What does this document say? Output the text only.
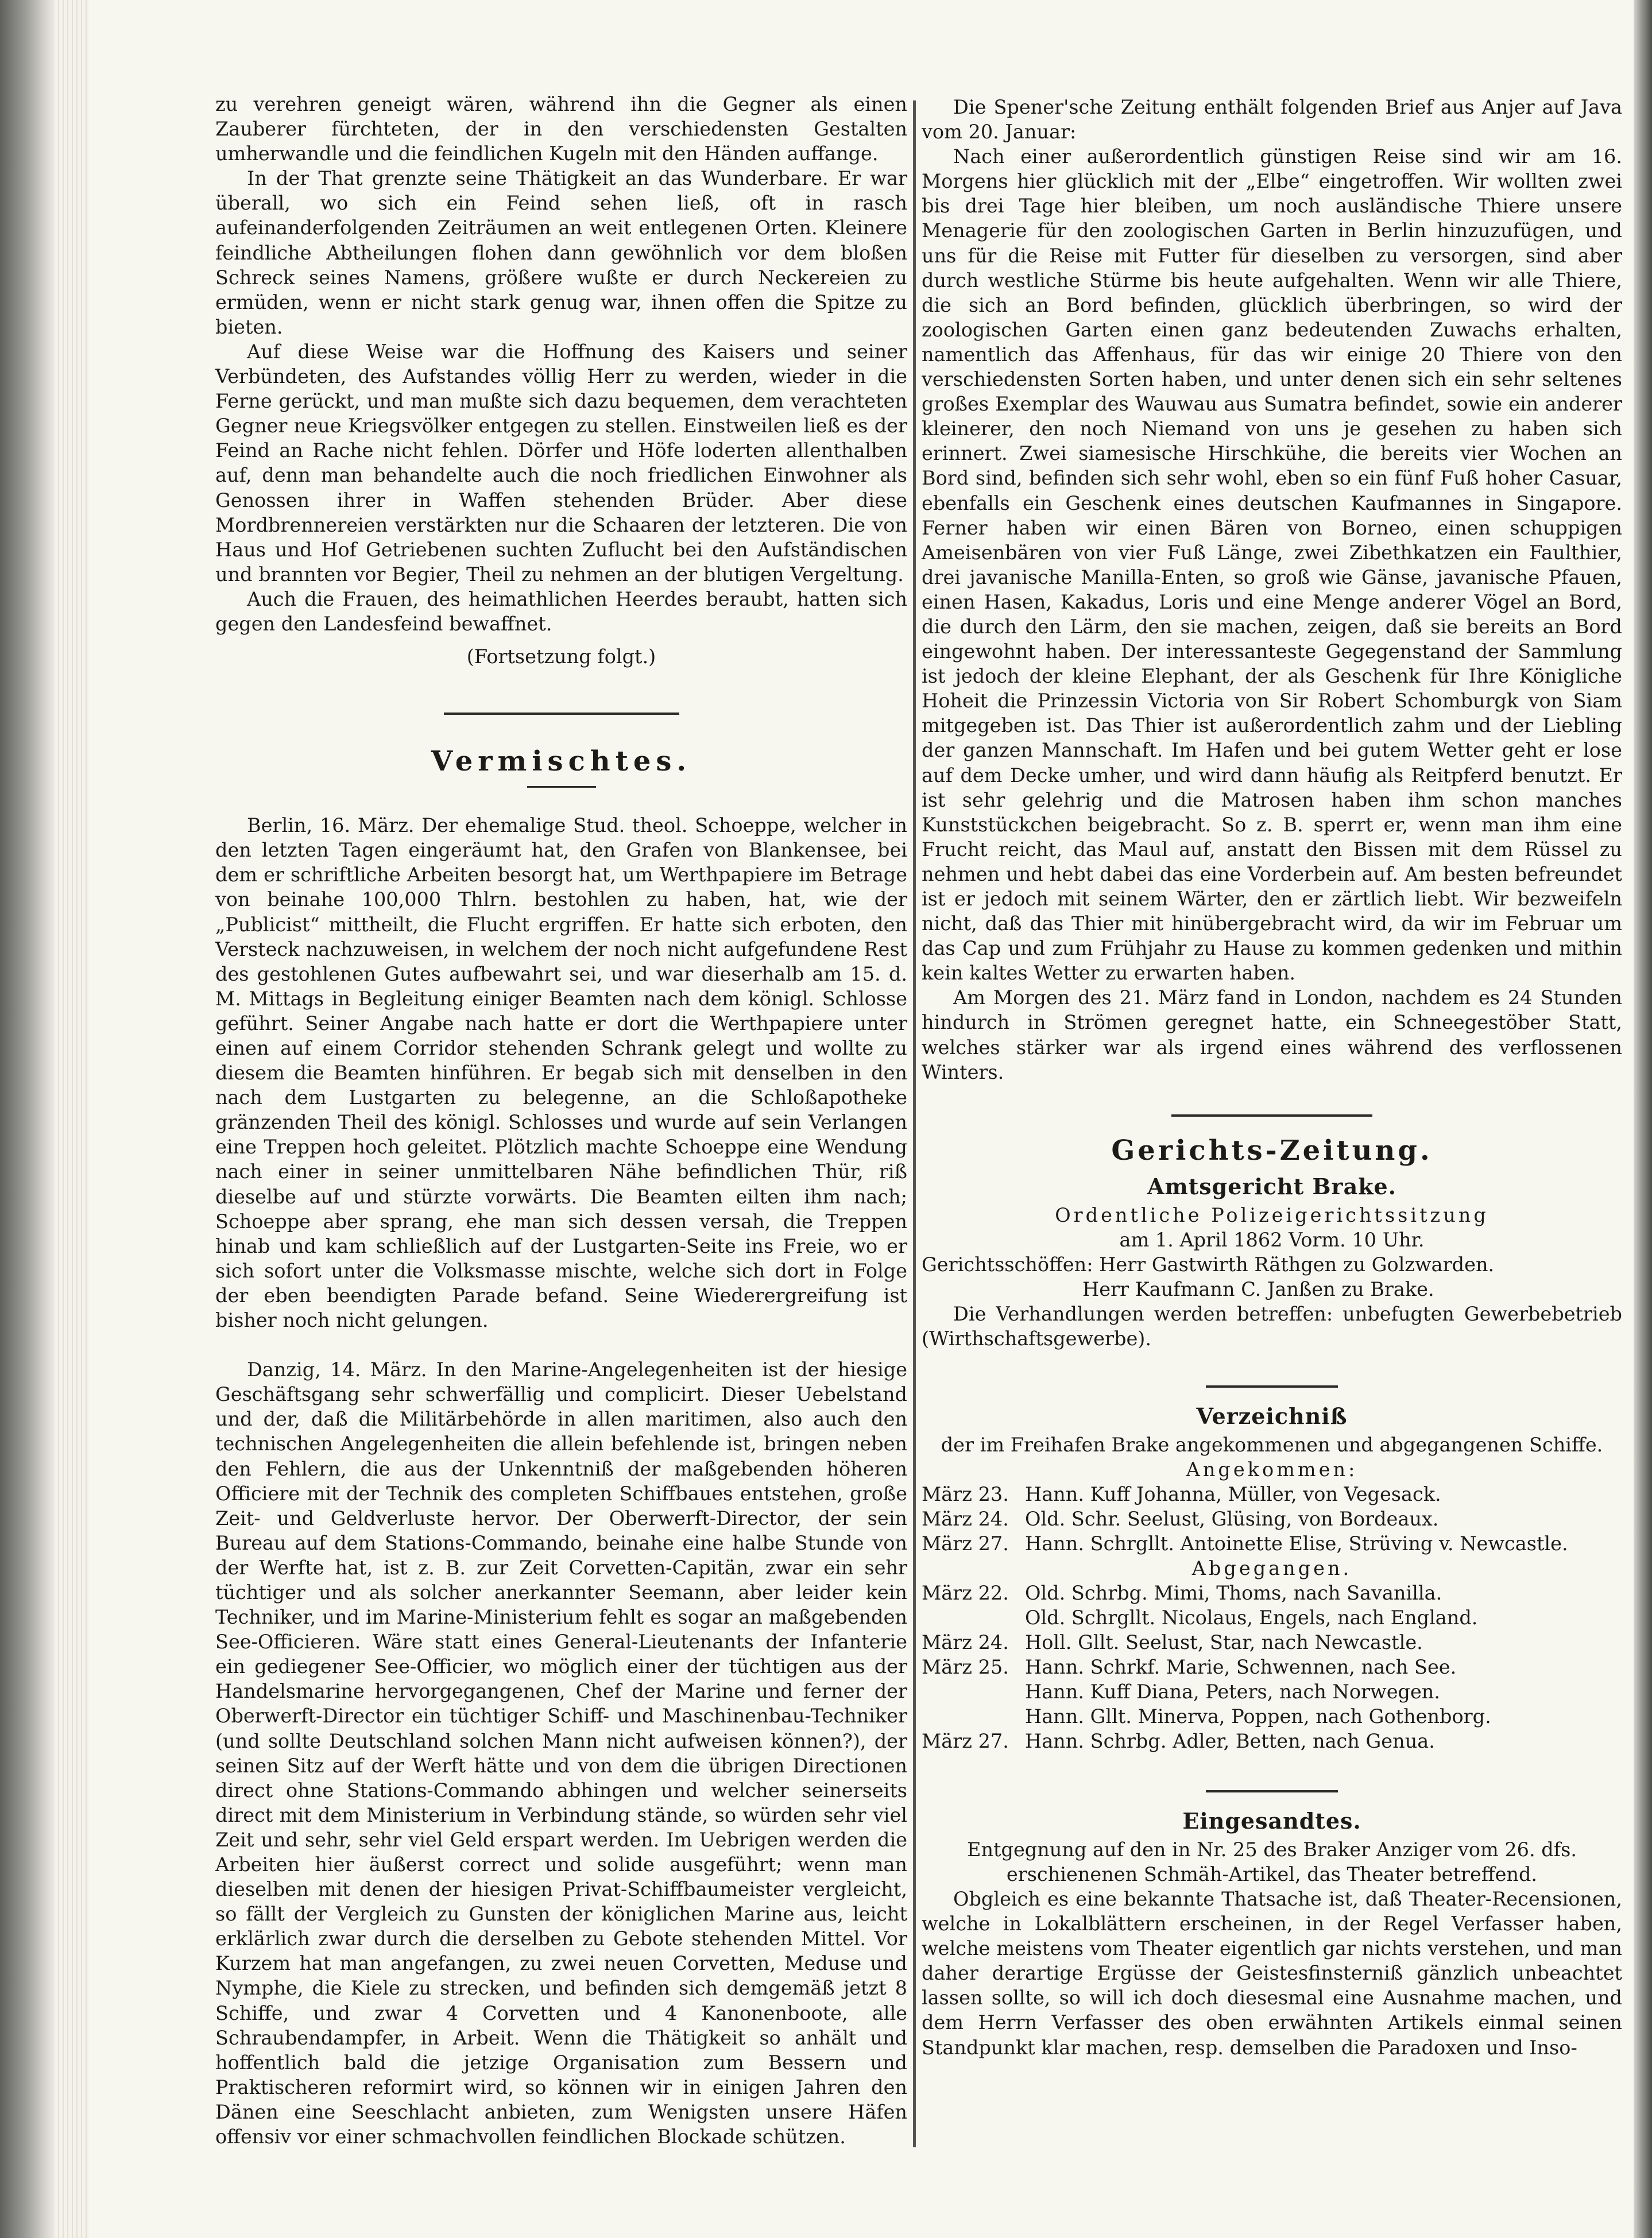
zu verehren geneigt wären, während ihn die Gegner als einen Zauberer fürchteten, der in den verschiedensten Gestalten umherwandle und die feindlichen Kugeln mit den Händen auffange.

In der That grenzte seine Thätigkeit an das Wunderbare. Er war überall, wo sich ein Feind sehen ließ, oft in rasch aufeinanderfolgenden Zeiträumen an weit entlegenen Orten. Kleinere feindliche Abtheilungen flohen dann gewöhnlich vor dem bloßen Schreck seines Namens, größere wußte er durch Neckereien zu ermüden, wenn er nicht stark genug war, ihnen offen die Spitze zu bieten.

Auf diese Weise war die Hoffnung des Kaisers und seiner Verbündeten, des Aufstandes völlig Herr zu werden, wieder in die Ferne gerückt, und man mußte sich dazu bequemen, dem verachteten Gegner neue Kriegsvölker entgegen zu stellen. Einstweilen ließ es der Feind an Rache nicht fehlen. Dörfer und Höfe loderten allenthalben auf, denn man behandelte auch die noch friedlichen Einwohner als Genossen ihrer in Waffen stehenden Brüder. Aber diese Mordbrennereien verstärkten nur die Schaaren der letzteren. Die von Haus und Hof Getriebenen suchten Zuflucht bei den Aufständischen und brannten vor Begier, Theil zu nehmen an der blutigen Vergeltung.

Auch die Frauen, des heimathlichen Heerdes beraubt, hatten sich gegen den Landesfeind bewaffnet.

(Fortsetzung folgt.)

Vermischtes.

Berlin, 16. März. Der ehemalige Stud. theol. Schoeppe, welcher in den letzten Tagen eingeräumt hat, den Grafen von Blankensee, bei dem er schriftliche Arbeiten besorgt hat, um Werthpapiere im Betrage von beinahe 100,000 Thlrn. bestohlen zu haben, hat, wie der „Publicist“ mittheilt, die Flucht ergriffen. Er hatte sich erboten, den Versteck nachzuweisen, in welchem der noch nicht aufgefundene Rest des gestohlenen Gutes aufbewahrt sei, und war dieserhalb am 15. d. M. Mittags in Begleitung einiger Beamten nach dem königl. Schlosse geführt. Seiner Angabe nach hatte er dort die Werthpapiere unter einen auf einem Corridor stehenden Schrank gelegt und wollte zu diesem die Beamten hinführen. Er begab sich mit denselben in den nach dem Lustgarten zu belegenne, an die Schloßapotheke gränzenden Theil des königl. Schlosses und wurde auf sein Verlangen eine Treppen hoch geleitet. Plötzlich machte Schoeppe eine Wendung nach einer in seiner unmittelbaren Nähe befindlichen Thür, riß dieselbe auf und stürzte vorwärts. Die Beamten eilten ihm nach; Schoeppe aber sprang, ehe man sich dessen versah, die Treppen hinab und kam schließlich auf der Lustgarten-Seite ins Freie, wo er sich sofort unter die Volksmasse mischte, welche sich dort in Folge der eben beendigten Parade befand. Seine Wiederergreifung ist bisher noch nicht gelungen.

Danzig, 14. März. In den Marine-Angelegenheiten ist der hiesige Geschäftsgang sehr schwerfällig und complicirt. Dieser Uebelstand und der, daß die Militärbehörde in allen maritimen, also auch den technischen Angelegenheiten die allein befehlende ist, bringen neben den Fehlern, die aus der Unkenntniß der maßgebenden höheren Officiere mit der Technik des completen Schiffbaues entstehen, große Zeit- und Geldverluste hervor. Der Oberwerft-Director, der sein Bureau auf dem Stations-Commando, beinahe eine halbe Stunde von der Werfte hat, ist z. B. zur Zeit Corvetten-Capitän, zwar ein sehr tüchtiger und als solcher anerkannter Seemann, aber leider kein Techniker, und im Marine-Ministerium fehlt es sogar an maßgebenden See-Officieren. Wäre statt eines General-Lieutenants der Infanterie ein gediegener See-Officier, wo möglich einer der tüchtigen aus der Handelsmarine hervorgegangenen, Chef der Marine und ferner der Oberwerft-Director ein tüchtiger Schiff- und Maschinenbau-Techniker (und sollte Deutschland solchen Mann nicht aufweisen können?), der seinen Sitz auf der Werft hätte und von dem die übrigen Directionen direct ohne Stations-Commando abhingen und welcher seinerseits direct mit dem Ministerium in Verbindung stände, so würden sehr viel Zeit und sehr, sehr viel Geld erspart werden. Im Uebrigen werden die Arbeiten hier äußerst correct und solide ausgeführt; wenn man dieselben mit denen der hiesigen Privat-Schiffbaumeister vergleicht, so fällt der Vergleich zu Gunsten der königlichen Marine aus, leicht erklärlich zwar durch die derselben zu Gebote stehenden Mittel. Vor Kurzem hat man angefangen, zu zwei neuen Corvetten, Meduse und Nymphe, die Kiele zu strecken, und befinden sich demgemäß jetzt 8 Schiffe, und zwar 4 Corvetten und 4 Kanonenboote, alle Schraubendampfer, in Arbeit. Wenn die Thätigkeit so anhält und hoffentlich bald die jetzige Organisation zum Bessern und Praktischeren reformirt wird, so können wir in einigen Jahren den Dänen eine Seeschlacht anbieten, zum Wenigsten unsere Häfen offensiv vor einer schmachvollen feindlichen Blockade schützen.

Die Spener'sche Zeitung enthält folgenden Brief aus Anjer auf Java vom 20. Januar:

Nach einer außerordentlich günstigen Reise sind wir am 16. Morgens hier glücklich mit der „Elbe“ eingetroffen. Wir wollten zwei bis drei Tage hier bleiben, um noch ausländische Thiere unsere Menagerie für den zoologischen Garten in Berlin hinzuzufügen, und uns für die Reise mit Futter für dieselben zu versorgen, sind aber durch westliche Stürme bis heute aufgehalten. Wenn wir alle Thiere, die sich an Bord befinden, glücklich überbringen, so wird der zoologischen Garten einen ganz bedeutenden Zuwachs erhalten, namentlich das Affenhaus, für das wir einige 20 Thiere von den verschiedensten Sorten haben, und unter denen sich ein sehr seltenes großes Exemplar des Wauwau aus Sumatra befindet, sowie ein anderer kleinerer, den noch Niemand von uns je gesehen zu haben sich erinnert. Zwei siamesische Hirschkühe, die bereits vier Wochen an Bord sind, befinden sich sehr wohl, eben so ein fünf Fuß hoher Casuar, ebenfalls ein Geschenk eines deutschen Kaufmannes in Singapore. Ferner haben wir einen Bären von Borneo, einen schuppigen Ameisenbären von vier Fuß Länge, zwei Zibethkatzen ein Faulthier, drei javanische Manilla-Enten, so groß wie Gänse, javanische Pfauen, einen Hasen, Kakadus, Loris und eine Menge anderer Vögel an Bord, die durch den Lärm, den sie machen, zeigen, daß sie bereits an Bord eingewohnt haben. Der interessanteste Gegegenstand der Sammlung ist jedoch der kleine Elephant, der als Geschenk für Ihre Königliche Hoheit die Prinzessin Victoria von Sir Robert Schomburgk von Siam mitgegeben ist. Das Thier ist außerordentlich zahm und der Liebling der ganzen Mannschaft. Im Hafen und bei gutem Wetter geht er lose auf dem Decke umher, und wird dann häufig als Reitpferd benutzt. Er ist sehr gelehrig und die Matrosen haben ihm schon manches Kunststückchen beigebracht. So z. B. sperrt er, wenn man ihm eine Frucht reicht, das Maul auf, anstatt den Bissen mit dem Rüssel zu nehmen und hebt dabei das eine Vorderbein auf. Am besten befreundet ist er jedoch mit seinem Wärter, den er zärtlich liebt. Wir bezweifeln nicht, daß das Thier mit hinübergebracht wird, da wir im Februar um das Cap und zum Frühjahr zu Hause zu kommen gedenken und mithin kein kaltes Wetter zu erwarten haben.

Am Morgen des 21. März fand in London, nachdem es 24 Stunden hindurch in Strömen geregnet hatte, ein Schneegestöber Statt, welches stärker war als irgend eines während des verflossenen Winters.

Gerichts-Zeitung.

Amtsgericht Brake.

Ordentliche Polizeigerichtssitzung

am 1. April 1862 Vorm. 10 Uhr.

Gerichtsschöffen: Herr Gastwirth Räthgen zu Golzwarden.
Herr Kaufmann C. Janßen zu Brake.

Die Verhandlungen werden betreffen: unbefugten Gewerbebetrieb (Wirthschaftsgewerbe).

Verzeichniß

der im Freihafen Brake angekommenen und abgegangenen Schiffe.

Angekommen:

März 23.	Hann. Kuff Johanna, Müller, von Vegesack.
März 24.	Old. Schr. Seelust, Glüsing, von Bordeaux.
März 27.	Hann. Schrgllt. Antoinette Elise, Strüving v. Newcastle.

Abgegangen.

März 22.	Old. Schrbg. Mimi, Thoms, nach Savanilla.
	Old. Schrgllt. Nicolaus, Engels, nach England.
März 24.	Holl. Gllt. Seelust, Star, nach Newcastle.
März 25.	Hann. Schrkf. Marie, Schwennen, nach See.
	Hann. Kuff Diana, Peters, nach Norwegen.
	Hann. Gllt. Minerva, Poppen, nach Gothenborg.
März 27.	Hann. Schrbg. Adler, Betten, nach Genua.

Eingesandtes.

Entgegnung auf den in Nr. 25 des Braker Anziger vom 26. dfs. erschienenen Schmäh-Artikel, das Theater betreffend.

Obgleich es eine bekannte Thatsache ist, daß Theater-Recensionen, welche in Lokalblättern erscheinen, in der Regel Verfasser haben, welche meistens vom Theater eigentlich gar nichts verstehen, und man daher derartige Ergüsse der Geistesfinsterniß gänzlich unbeachtet lassen sollte, so will ich doch diesesmal eine Ausnahme machen, und dem Herrn Verfasser des oben erwähnten Artikels einmal seinen Standpunkt klar machen, resp. demselben die Paradoxen und Inso-
